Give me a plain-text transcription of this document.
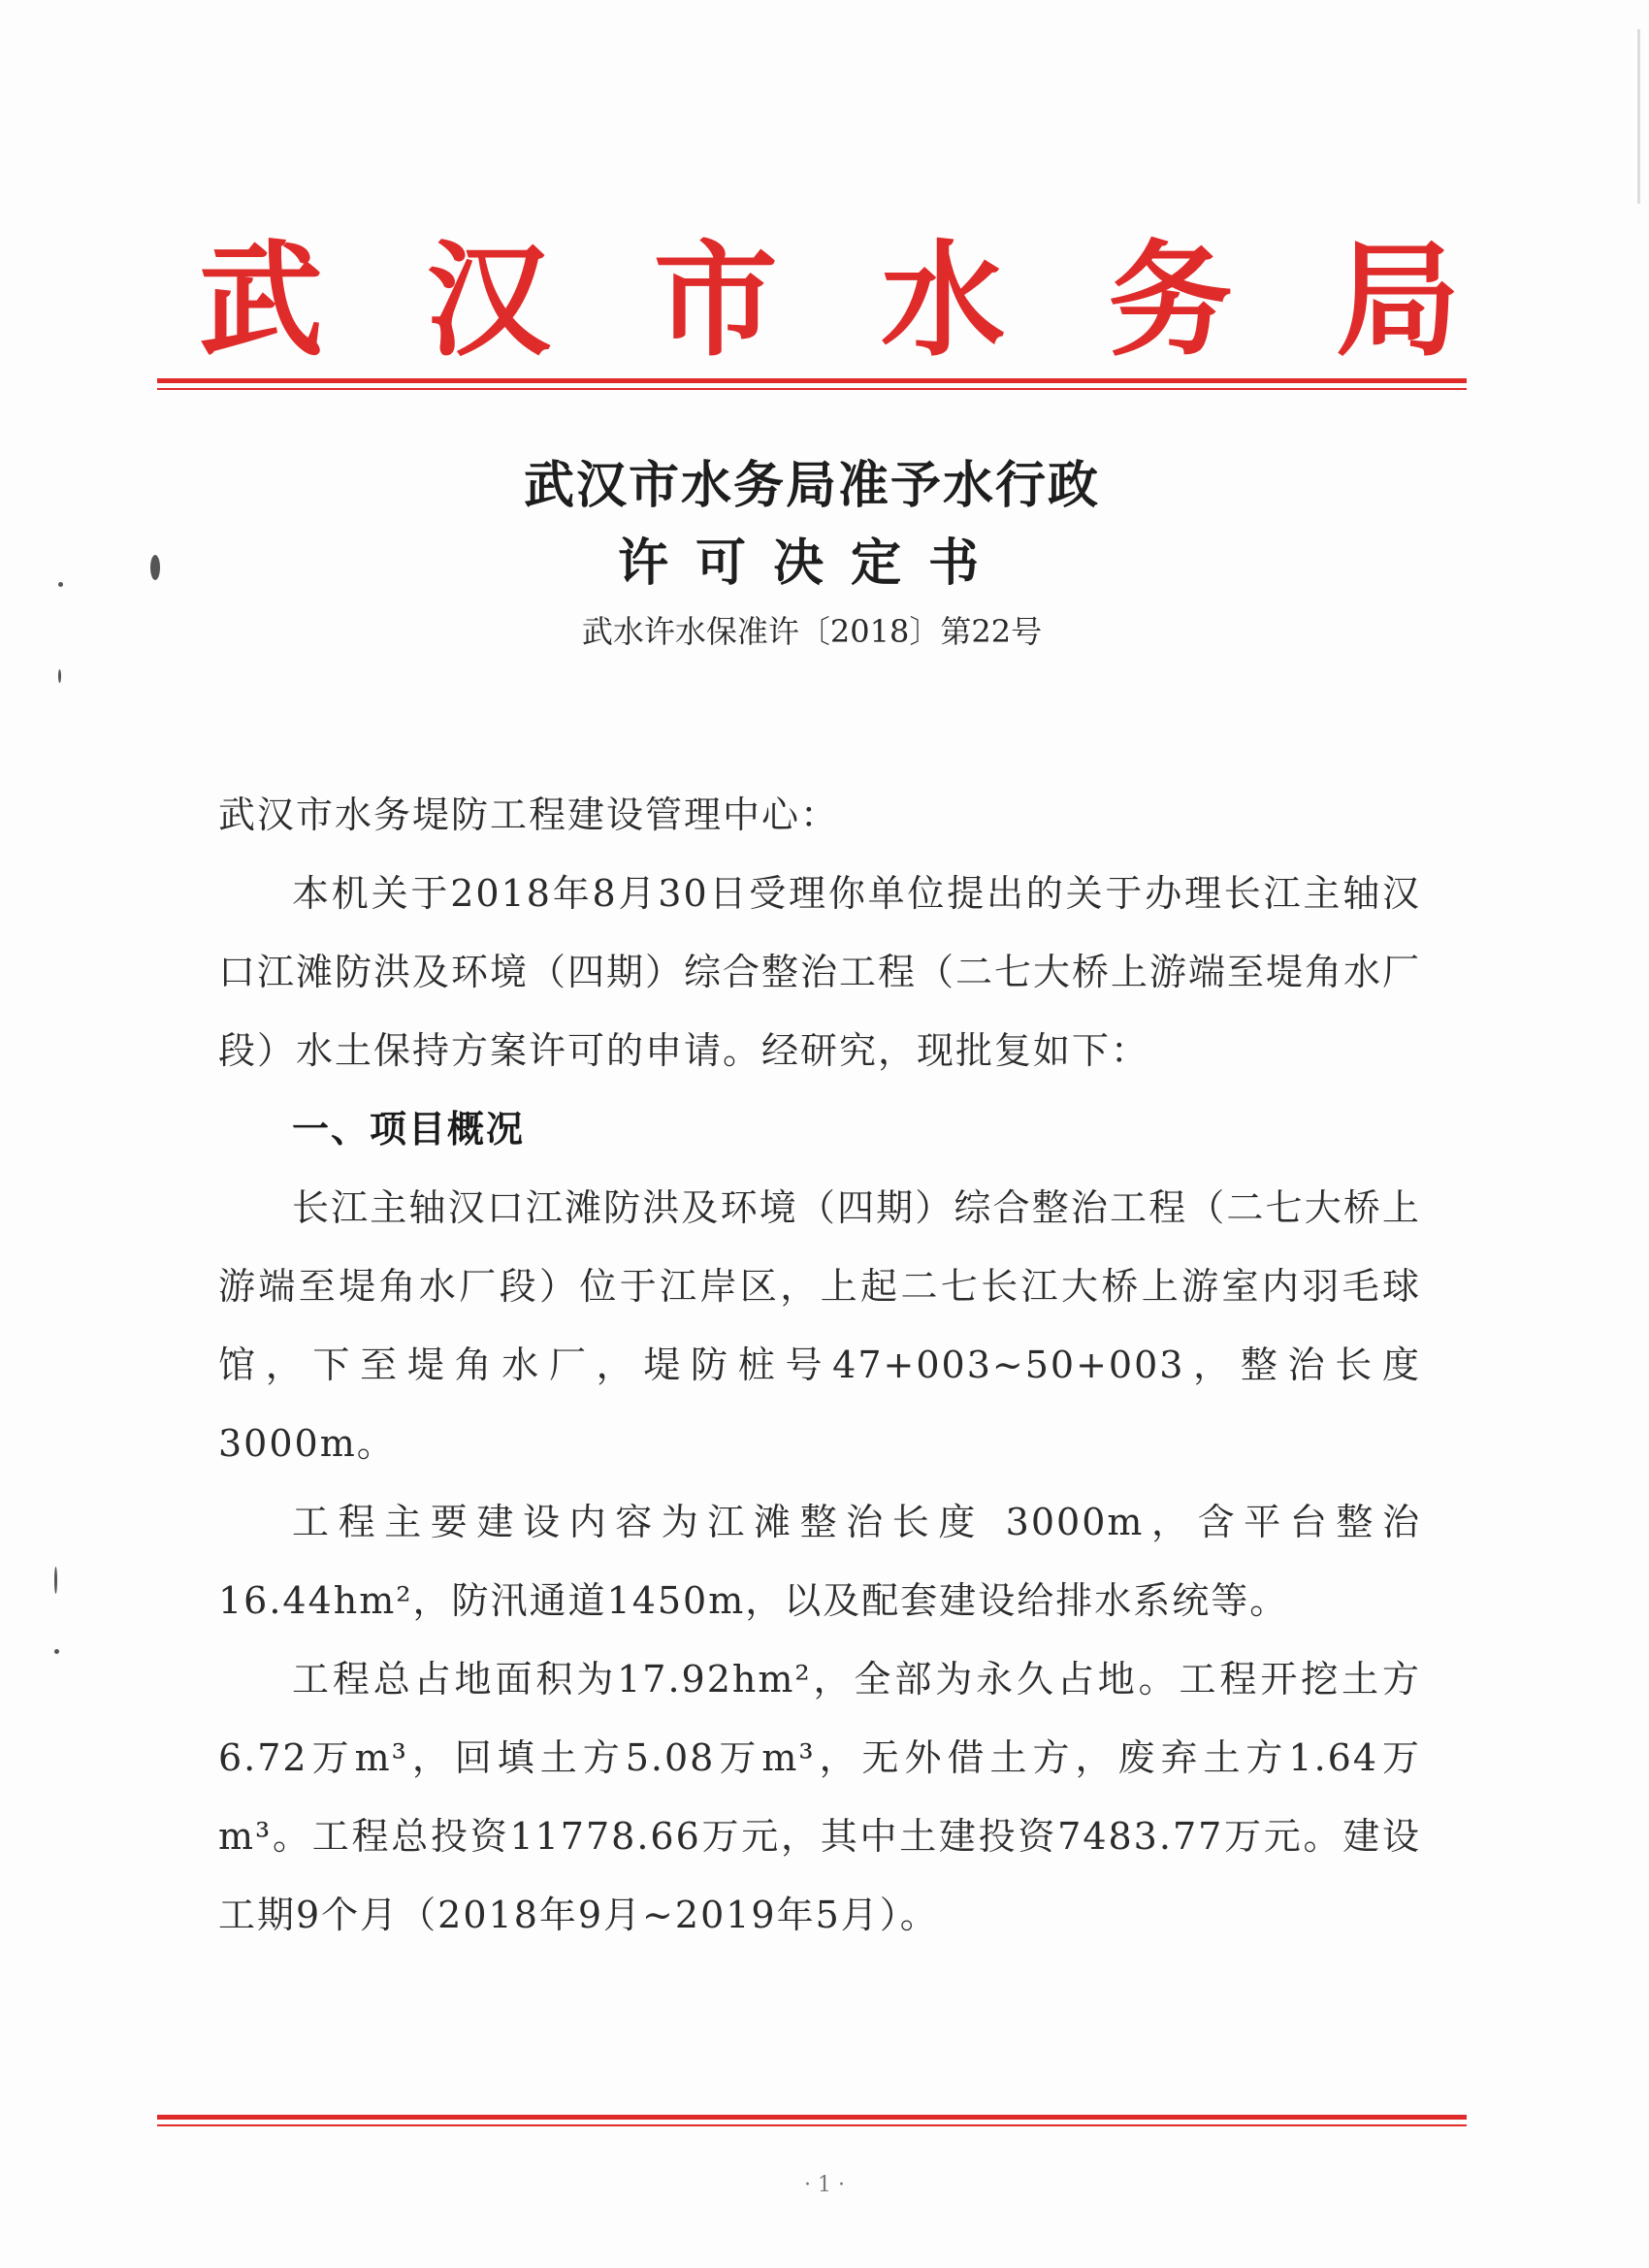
武 汉 市 水 务 局
武汉市水务局准予水行政
许可决定书
武水许水保准许〔2018〕第22号

武汉市水务堤防工程建设管理中心：

本机关于2018年8月30日受理你单位提出的关于办理长江主轴汉口江滩防洪及环境（四期）综合整治工程（二七大桥上游端至堤角水厂段）水土保持方案许可的申请。经研究，现批复如下：

一、项目概况

长江主轴汉口江滩防洪及环境（四期）综合整治工程（二七大桥上游端至堤角水厂段）位于江岸区，上起二七长江大桥上游室内羽毛球馆，下至堤角水厂，堤防桩号47+003~50+003，整治长度3000m。

工程主要建设内容为江滩整治长度 3000m，含平台整治16.44hm²，防汛通道1450m，以及配套建设给排水系统等。

工程总占地面积为17.92hm²，全部为永久占地。工程开挖土方6.72万m³，回填土方5.08万m³，无外借土方，废弃土方1.64万m³。工程总投资11778.66万元，其中土建投资7483.77万元。建设工期9个月（2018年9月~2019年5月）。

· 1 ·
